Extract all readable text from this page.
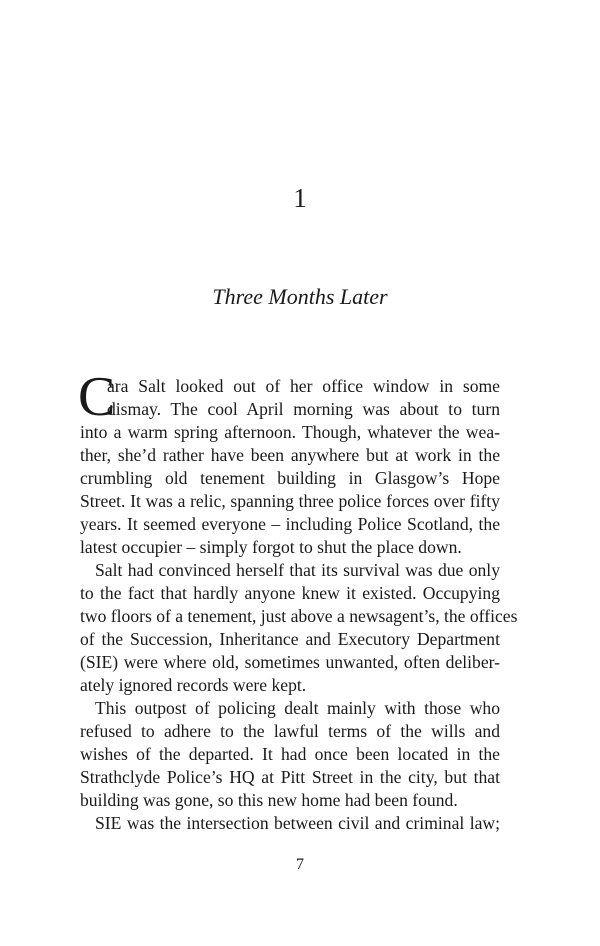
1
Three Months Later
C
ara Salt looked out of her office window in some
dismay. The cool April morning was about to turn
into a warm spring afternoon. Though, whatever the wea-
ther, she’d rather have been anywhere but at work in the
crumbling old tenement building in Glasgow’s Hope
Street. It was a relic, spanning three police forces over fifty
years. It seemed everyone – including Police Scotland, the
latest occupier – simply forgot to shut the place down.
Salt had convinced herself that its survival was due only
to the fact that hardly anyone knew it existed. Occupying
two floors of a tenement, just above a newsagent’s, the offices
of the Succession, Inheritance and Executory Department
(SIE) were where old, sometimes unwanted, often deliber-
ately ignored records were kept.
This outpost of policing dealt mainly with those who
refused to adhere to the lawful terms of the wills and
wishes of the departed. It had once been located in the
Strathclyde Police’s HQ at Pitt Street in the city, but that
building was gone, so this new home had been found.
SIE was the intersection between civil and criminal law;
7
